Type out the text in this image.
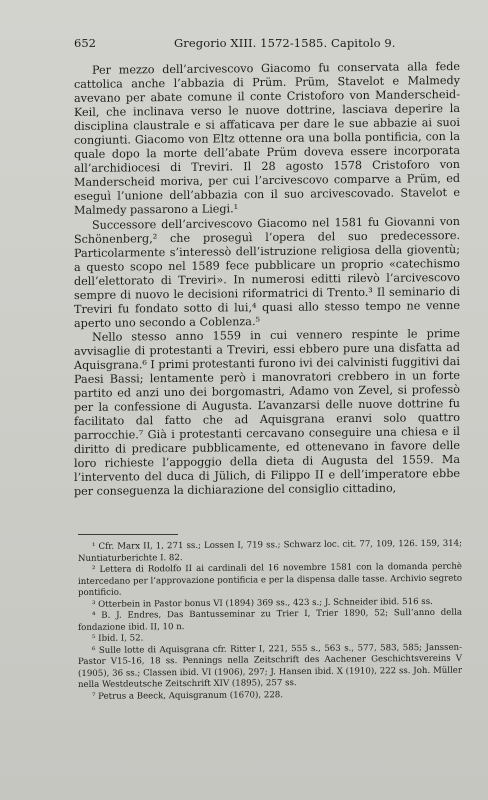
652	Gregorio XIII. 1572-1585. Capitolo 9.

Per mezzo dell’arcivescovo Giacomo fu conservata alla fede cattolica anche l’abbazia di Prüm. Prüm, Stavelot e Malmedy avevano per abate comune il conte Cristoforo von Manderscheid-Keil, che inclinava verso le nuove dottrine, lasciava deperire la disciplina claustrale e si affaticava per dare le sue abbazie ai suoi congiunti. Giacomo von Eltz ottenne ora una bolla pontificia, con la quale dopo la morte dell’abate Prüm doveva essere incorporata all’archidiocesi di Treviri. Il 28 agosto 1578 Cristoforo von Manderscheid moriva, per cui l’arcivescovo comparve a Prüm, ed eseguì l’unione dell’abbazia con il suo arcivescovado. Stavelot e Malmedy passarono a Liegi.¹

Successore dell’arcivescovo Giacomo nel 1581 fu Giovanni von Schönenberg,² che proseguì l’opera del suo predecessore. Particolarmente s’interessò dell’istruzione religiosa della gioventù; a questo scopo nel 1589 fece pubblicare un proprio «catechismo dell’elettorato di Treviri». In numerosi editti rilevò l’arcivescovo sempre di nuovo le decisioni riformatrici di Trento.³ Il seminario di Treviri fu fondato sotto di lui,⁴ quasi allo stesso tempo ne venne aperto uno secondo a Coblenza.⁵

Nello stesso anno 1559 in cui vennero respinte le prime avvisaglie di protestanti a Treviri, essi ebbero pure una disfatta ad Aquisgrana.⁶ I primi protestanti furono ivi dei calvinisti fuggitivi dai Paesi Bassi; lentamente però i manovratori crebbero in un forte partito ed anzi uno dei borgomastri, Adamo von Zevel, si professò per la confessione di Augusta. L’avanzarsi delle nuove dottrine fu facilitato dal fatto che ad Aquisgrana eranvi solo quattro parrocchie.⁷ Già i protestanti cercavano conseguire una chiesa e il diritto di predicare pubblicamente, ed ottenevano in favore delle loro richieste l’appoggio della dieta di Augusta del 1559. Ma l’intervento del duca di Jülich, di Filippo II e dell’imperatore ebbe per conseguenza la dichiarazione del consiglio cittadino,

¹ Cfr. Marx II, 1, 271 ss.; Lossen I, 719 ss.; Schwarz loc. cit. 77, 109, 126. 159, 314; Nuntiaturberichte I. 82.

² Lettera di Rodolfo II ai cardinali del 16 novembre 1581 con la domanda perchè intercedano per l’approvazione pontificia e per la dispensa dalle tasse. Archivio segreto pontificio.

³ Otterbein in Pastor bonus VI (1894) 369 ss., 423 s.; J. Schneider ibid. 516 ss.

⁴ B. J. Endres, Das Bantusseminar zu Trier I, Trier 1890, 52; Sull’anno della fondazione ibid. II, 10 n.

⁵ Ibid. I, 52.

⁶ Sulle lotte di Aquisgrana cfr. Ritter I, 221, 555 s., 563 s., 577, 583, 585; Janssen-Pastor V15-16, 18 ss. Pennings nella Zeitschrift des Aachener Geschichtsvereins V (1905), 36 ss.; Classen ibid. VI (1906), 297; J. Hansen ibid. X (1910), 222 ss. Joh. Müller nella Westdeutsche Zeitschrift XIV (1895), 257 ss.

⁷ Petrus a Beeck, Aquisgranum (1670), 228.
